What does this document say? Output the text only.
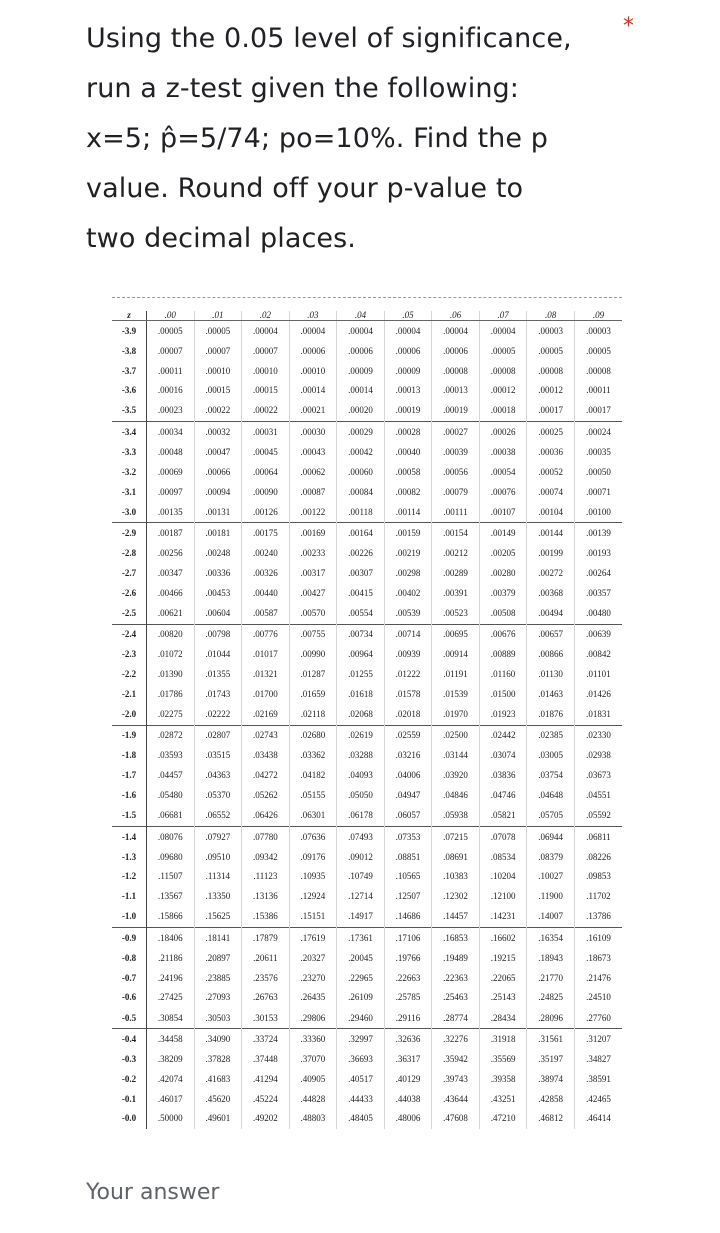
Using the 0.05 level of significance,
run a z-test given the following:
x=5; p̂=5/74; po=10%. Find the p
value. Round off your p-value to
two decimal places.
*
z	.00	.01	.02	.03	.04	.05	.06	.07	.08	.09
-3.9	.00005	.00005	.00004	.00004	.00004	.00004	.00004	.00004	.00003	.00003
-3.8	.00007	.00007	.00007	.00006	.00006	.00006	.00006	.00005	.00005	.00005
-3.7	.00011	.00010	.00010	.00010	.00009	.00009	.00008	.00008	.00008	.00008
-3.6	.00016	.00015	.00015	.00014	.00014	.00013	.00013	.00012	.00012	.00011
-3.5	.00023	.00022	.00022	.00021	.00020	.00019	.00019	.00018	.00017	.00017
-3.4	.00034	.00032	.00031	.00030	.00029	.00028	.00027	.00026	.00025	.00024
-3.3	.00048	.00047	.00045	.00043	.00042	.00040	.00039	.00038	.00036	.00035
-3.2	.00069	.00066	.00064	.00062	.00060	.00058	.00056	.00054	.00052	.00050
-3.1	.00097	.00094	.00090	.00087	.00084	.00082	.00079	.00076	.00074	.00071
-3.0	.00135	.00131	.00126	.00122	.00118	.00114	.00111	.00107	.00104	.00100
-2.9	.00187	.00181	.00175	.00169	.00164	.00159	.00154	.00149	.00144	.00139
-2.8	.00256	.00248	.00240	.00233	.00226	.00219	.00212	.00205	.00199	.00193
-2.7	.00347	.00336	.00326	.00317	.00307	.00298	.00289	.00280	.00272	.00264
-2.6	.00466	.00453	.00440	.00427	.00415	.00402	.00391	.00379	.00368	.00357
-2.5	.00621	.00604	.00587	.00570	.00554	.00539	.00523	.00508	.00494	.00480
-2.4	.00820	.00798	.00776	.00755	.00734	.00714	.00695	.00676	.00657	.00639
-2.3	.01072	.01044	.01017	.00990	.00964	.00939	.00914	.00889	.00866	.00842
-2.2	.01390	.01355	.01321	.01287	.01255	.01222	.01191	.01160	.01130	.01101
-2.1	.01786	.01743	.01700	.01659	.01618	.01578	.01539	.01500	.01463	.01426
-2.0	.02275	.02222	.02169	.02118	.02068	.02018	.01970	.01923	.01876	.01831
-1.9	.02872	.02807	.02743	.02680	.02619	.02559	.02500	.02442	.02385	.02330
-1.8	.03593	.03515	.03438	.03362	.03288	.03216	.03144	.03074	.03005	.02938
-1.7	.04457	.04363	.04272	.04182	.04093	.04006	.03920	.03836	.03754	.03673
-1.6	.05480	.05370	.05262	.05155	.05050	.04947	.04846	.04746	.04648	.04551
-1.5	.06681	.06552	.06426	.06301	.06178	.06057	.05938	.05821	.05705	.05592
-1.4	.08076	.07927	.07780	.07636	.07493	.07353	.07215	.07078	.06944	.06811
-1.3	.09680	.09510	.09342	.09176	.09012	.08851	.08691	.08534	.08379	.08226
-1.2	.11507	.11314	.11123	.10935	.10749	.10565	.10383	.10204	.10027	.09853
-1.1	.13567	.13350	.13136	.12924	.12714	.12507	.12302	.12100	.11900	.11702
-1.0	.15866	.15625	.15386	.15151	.14917	.14686	.14457	.14231	.14007	.13786
-0.9	.18406	.18141	.17879	.17619	.17361	.17106	.16853	.16602	.16354	.16109
-0.8	.21186	.20897	.20611	.20327	.20045	.19766	.19489	.19215	.18943	.18673
-0.7	.24196	.23885	.23576	.23270	.22965	.22663	.22363	.22065	.21770	.21476
-0.6	.27425	.27093	.26763	.26435	.26109	.25785	.25463	.25143	.24825	.24510
-0.5	.30854	.30503	.30153	.29806	.29460	.29116	.28774	.28434	.28096	.27760
-0.4	.34458	.34090	.33724	.33360	.32997	.32636	.32276	.31918	.31561	.31207
-0.3	.38209	.37828	.37448	.37070	.36693	.36317	.35942	.35569	.35197	.34827
-0.2	.42074	.41683	.41294	.40905	.40517	.40129	.39743	.39358	.38974	.38591
-0.1	.46017	.45620	.45224	.44828	.44433	.44038	.43644	.43251	.42858	.42465
-0.0	.50000	.49601	.49202	.48803	.48405	.48006	.47608	.47210	.46812	.46414
Your answer
